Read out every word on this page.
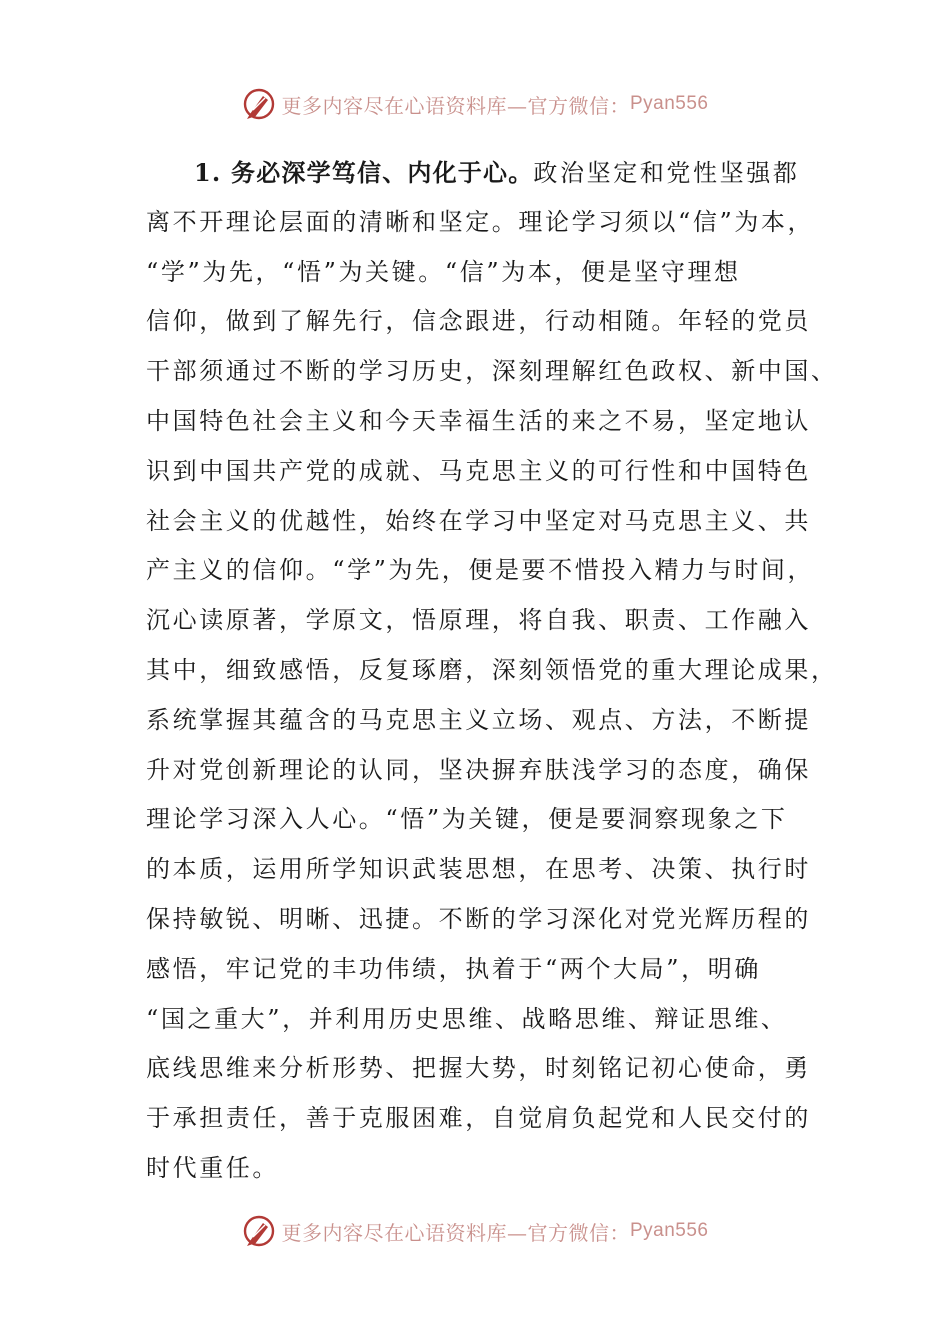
更多内容尽在心语资料库—官方微信： Pyan556
1. 务必深学笃信、内化于心。政治坚定和党性坚强都
离不开理论层面的清晰和坚定。理论学习须以“信”为本，
“学”为先，“悟”为关键。“信”为本，便是坚守理想
信仰，做到了解先行，信念跟进，行动相随。年轻的党员
干部须通过不断的学习历史，深刻理解红色政权、新中国、
中国特色社会主义和今天幸福生活的来之不易，坚定地认
识到中国共产党的成就、马克思主义的可行性和中国特色
社会主义的优越性，始终在学习中坚定对马克思主义、共
产主义的信仰。“学”为先，便是要不惜投入精力与时间，
沉心读原著，学原文，悟原理，将自我、职责、工作融入
其中，细致感悟，反复琢磨，深刻领悟党的重大理论成果，
系统掌握其蕴含的马克思主义立场、观点、方法，不断提
升对党创新理论的认同，坚决摒弃肤浅学习的态度，确保
理论学习深入人心。“悟”为关键，便是要洞察现象之下
的本质，运用所学知识武装思想，在思考、决策、执行时
保持敏锐、明晰、迅捷。不断的学习深化对党光辉历程的
感悟，牢记党的丰功伟绩，执着于“两个大局”，明确
“国之重大”，并利用历史思维、战略思维、辩证思维、
底线思维来分析形势、把握大势，时刻铭记初心使命，勇
于承担责任，善于克服困难，自觉肩负起党和人民交付的
时代重任。
更多内容尽在心语资料库—官方微信： Pyan556
